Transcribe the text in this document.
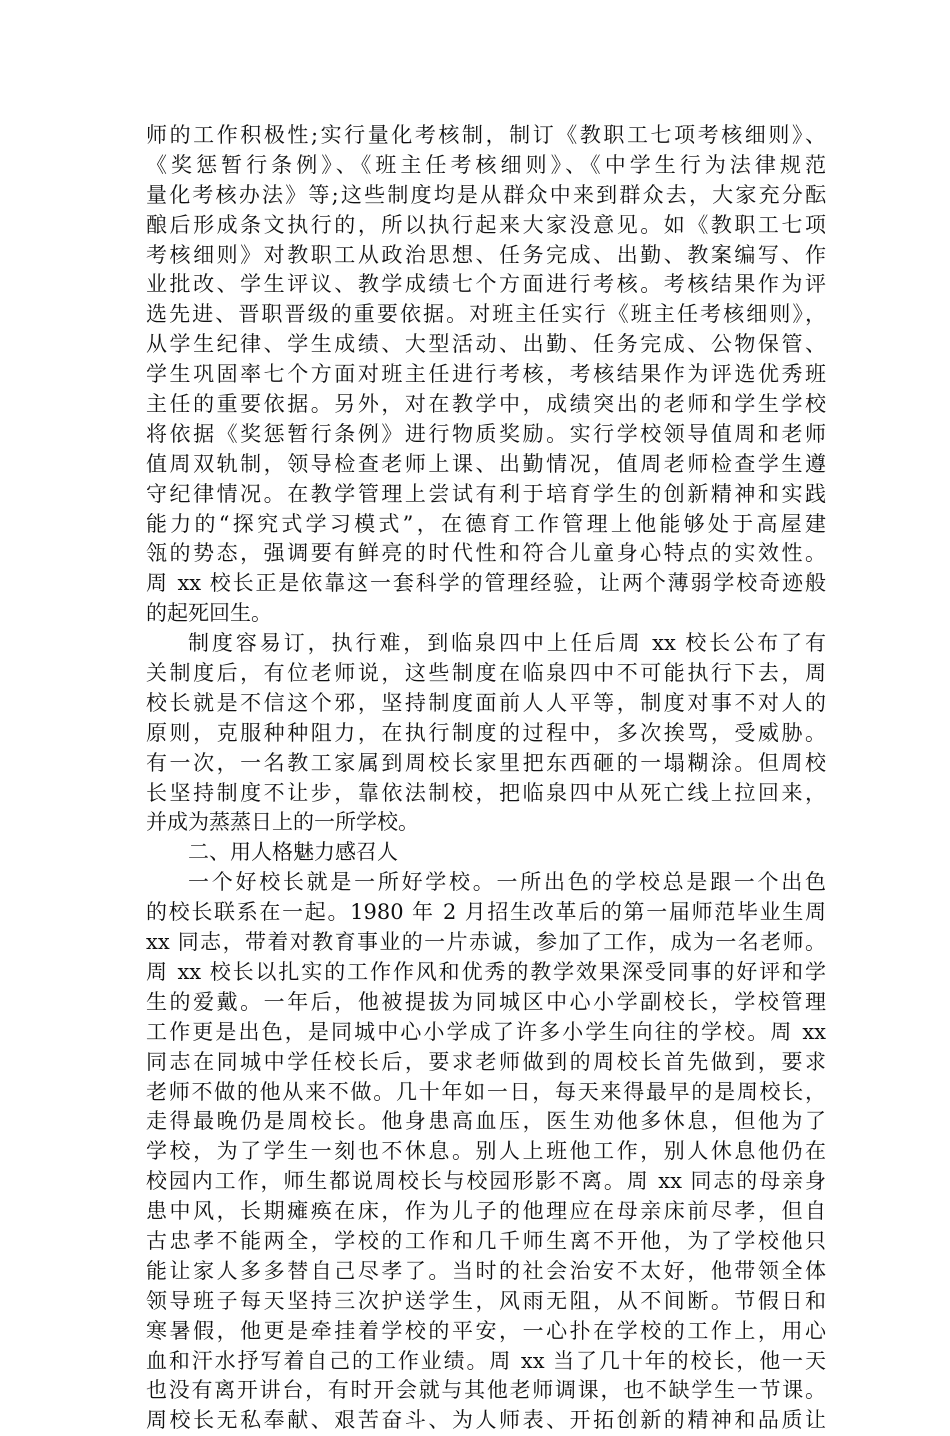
师的工作积极性;实行量化考核制，制订《教职工七项考核细则》、
《奖惩暂行条例》、《班主任考核细则》、《中学生行为法律规范
量化考核办法》等;这些制度均是从群众中来到群众去，大家充分酝
酿后形成条文执行的，所以执行起来大家没意见。如《教职工七项
考核细则》对教职工从政治思想、任务完成、出勤、教案编写、作
业批改、学生评议、教学成绩七个方面进行考核。考核结果作为评
选先进、晋职晋级的重要依据。对班主任实行《班主任考核细则》，
从学生纪律、学生成绩、大型活动、出勤、任务完成、公物保管、
学生巩固率七个方面对班主任进行考核，考核结果作为评选优秀班
主任的重要依据。另外，对在教学中，成绩突出的老师和学生学校
将依据《奖惩暂行条例》进行物质奖励。实行学校领导值周和老师
值周双轨制，领导检查老师上课、出勤情况，值周老师检查学生遵
守纪律情况。在教学管理上尝试有利于培育学生的创新精神和实践
能力的“探究式学习模式”，在德育工作管理上他能够处于高屋建
瓴的势态，强调要有鲜亮的时代性和符合儿童身心特点的实效性。
周 xx 校长正是依靠这一套科学的管理经验，让两个薄弱学校奇迹般
的起死回生。
制度容易订，执行难，到临泉四中上任后周 xx 校长公布了有
关制度后，有位老师说，这些制度在临泉四中不可能执行下去，周
校长就是不信这个邪，坚持制度面前人人平等，制度对事不对人的
原则，克服种种阻力，在执行制度的过程中，多次挨骂，受威胁。
有一次，一名教工家属到周校长家里把东西砸的一塌糊涂。但周校
长坚持制度不让步，靠依法制校，把临泉四中从死亡线上拉回来，
并成为蒸蒸日上的一所学校。
二、用人格魅力感召人
一个好校长就是一所好学校。一所出色的学校总是跟一个出色
的校长联系在一起。1980 年 2 月招生改革后的第一届师范毕业生周
xx 同志，带着对教育事业的一片赤诚，参加了工作，成为一名老师。
周 xx 校长以扎实的工作作风和优秀的教学效果深受同事的好评和学
生的爱戴。一年后，他被提拔为同城区中心小学副校长，学校管理
工作更是出色，是同城中心小学成了许多小学生向往的学校。周 xx
同志在同城中学任校长后，要求老师做到的周校长首先做到，要求
老师不做的他从来不做。几十年如一日，每天来得最早的是周校长，
走得最晚仍是周校长。他身患高血压，医生劝他多休息，但他为了
学校，为了学生一刻也不休息。别人上班他工作，别人休息他仍在
校园内工作，师生都说周校长与校园形影不离。周 xx 同志的母亲身
患中风，长期瘫痪在床，作为儿子的他理应在母亲床前尽孝，但自
古忠孝不能两全，学校的工作和几千师生离不开他，为了学校他只
能让家人多多替自己尽孝了。当时的社会治安不太好，他带领全体
领导班子每天坚持三次护送学生，风雨无阻，从不间断。节假日和
寒暑假，他更是牵挂着学校的平安，一心扑在学校的工作上，用心
血和汗水抒写着自己的工作业绩。周 xx 当了几十年的校长，他一天
也没有离开讲台，有时开会就与其他老师调课，也不缺学生一节课。
周校长无私奉献、艰苦奋斗、为人师表、开拓创新的精神和品质让
